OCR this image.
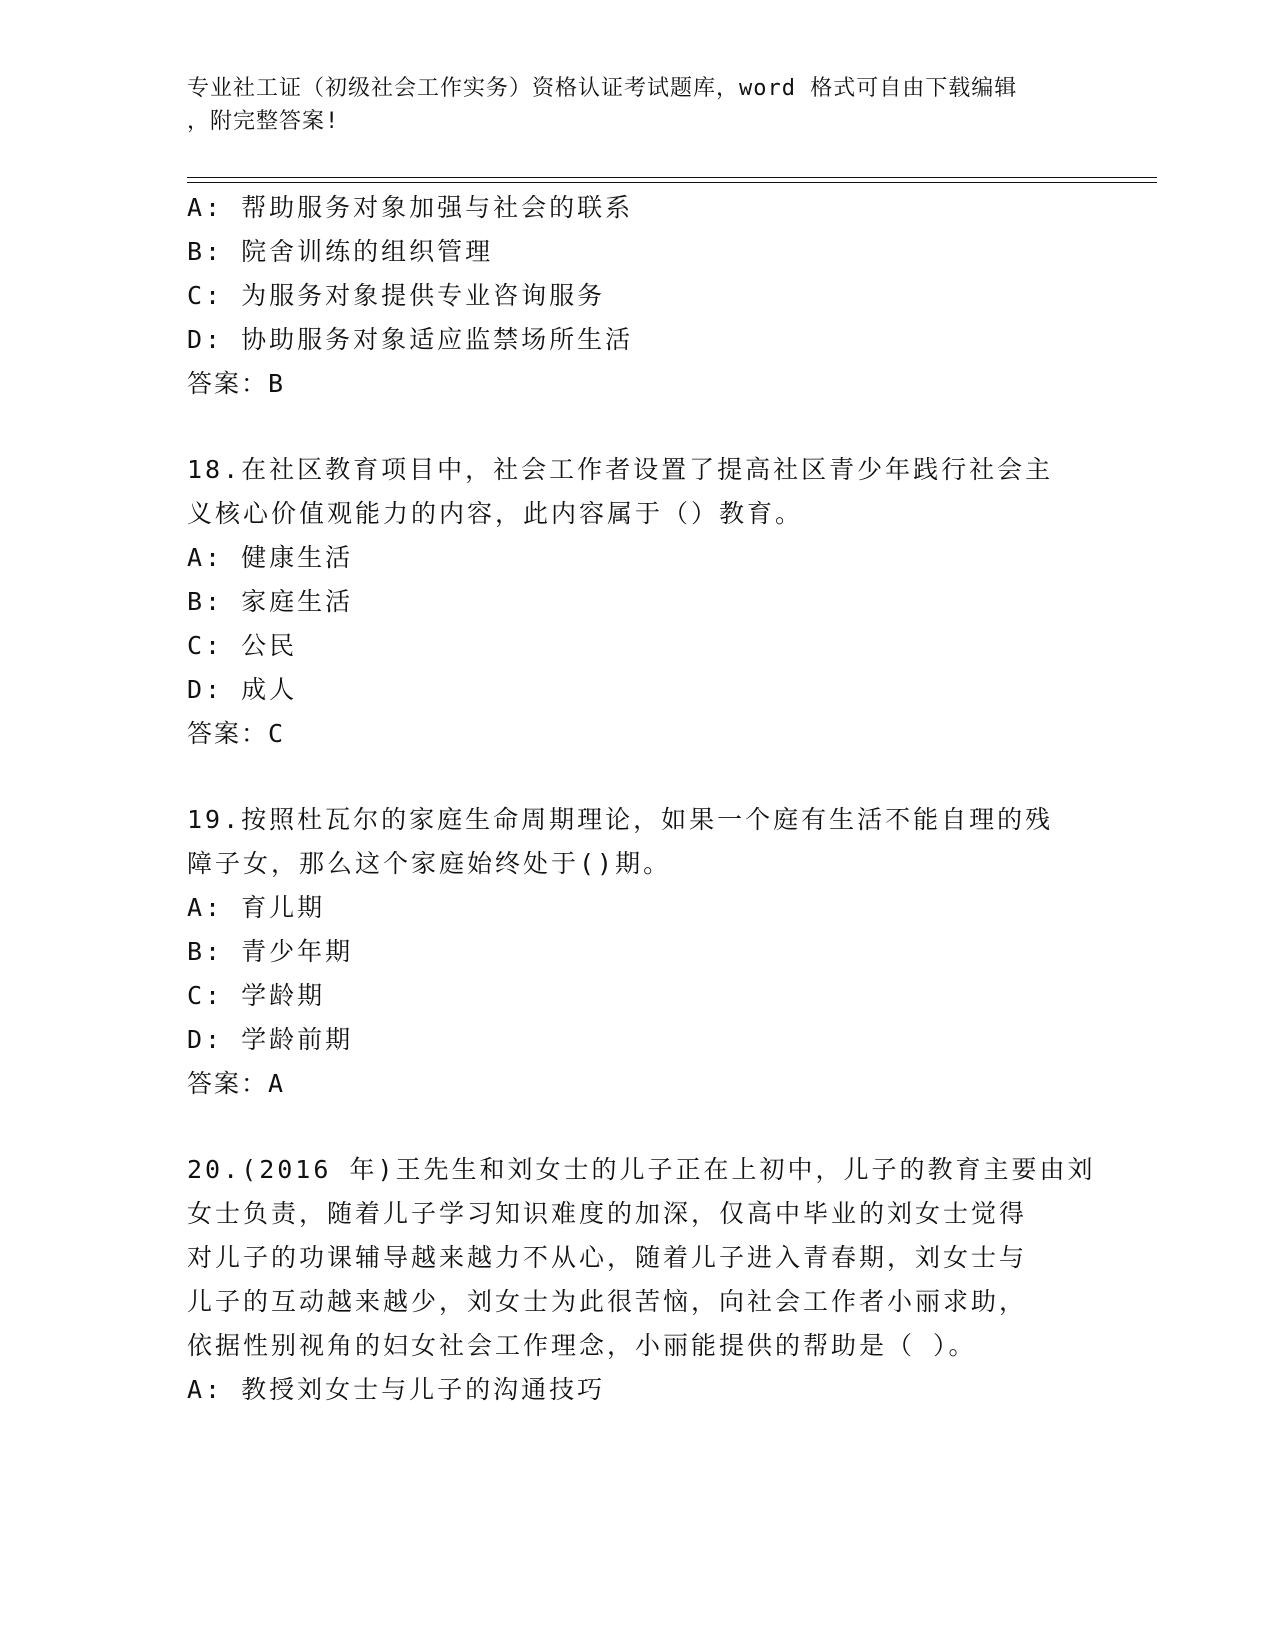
专业社工证（初级社会工作实务）资格认证考试题库，word 格式可自由下载编辑
，附完整答案!
A: 帮助服务对象加强与社会的联系
B: 院舍训练的组织管理
C: 为服务对象提供专业咨询服务
D: 协助服务对象适应监禁场所生活
答案：B
18.在社区教育项目中，社会工作者设置了提高社区青少年践行社会主
义核心价值观能力的内容，此内容属于（）教育。
A: 健康生活
B: 家庭生活
C: 公民
D: 成人
答案：C
19.按照杜瓦尔的家庭生命周期理论，如果一个庭有生活不能自理的残
障子女，那么这个家庭始终处于()期。
A: 育儿期
B: 青少年期
C: 学龄期
D: 学龄前期
答案：A
20.(2016 年)王先生和刘女士的儿子正在上初中，儿子的教育主要由刘
女士负责，随着儿子学习知识难度的加深，仅高中毕业的刘女士觉得
对儿子的功课辅导越来越力不从心，随着儿子进入青春期，刘女士与
儿子的互动越来越少，刘女士为此很苦恼，向社会工作者小丽求助，
依据性别视角的妇女社会工作理念，小丽能提供的帮助是（ ）。
A: 教授刘女士与儿子的沟通技巧
